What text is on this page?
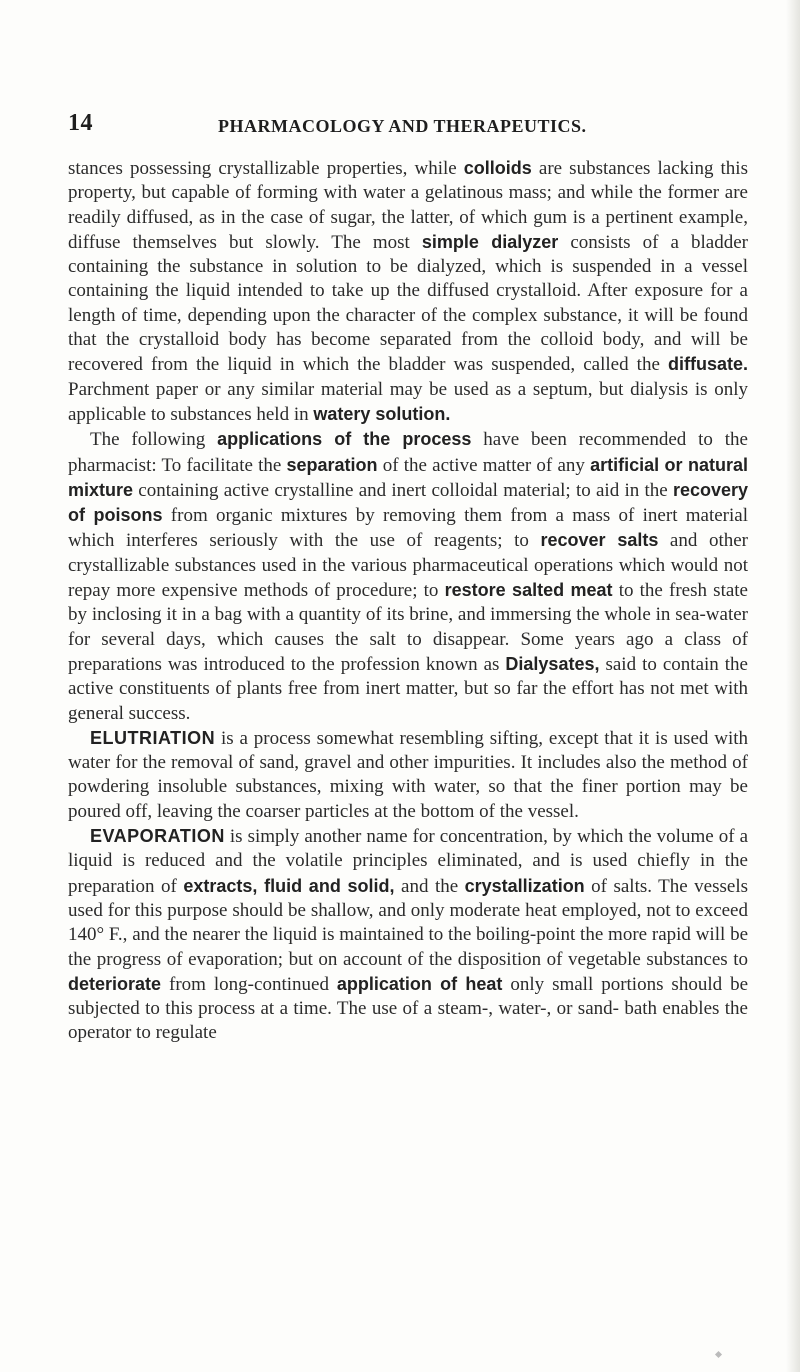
14	PHARMACOLOGY AND THERAPEUTICS.

stances possessing crystallizable properties, while colloids are substances lacking this property, but capable of forming with water a gelatinous mass; and while the former are readily diffused, as in the case of sugar, the latter, of which gum is a pertinent example, diffuse themselves but slowly. The most simple dialyzer consists of a bladder containing the substance in solution to be dialyzed, which is suspended in a vessel containing the liquid intended to take up the diffused crystalloid. After exposure for a length of time, depending upon the character of the complex substance, it will be found that the crystalloid body has become separated from the colloid body, and will be recovered from the liquid in which the bladder was suspended, called the diffusate. Parchment paper or any similar material may be used as a septum, but dialysis is only applicable to substances held in watery solution.

The following applications of the process have been recommended to the pharmacist: To facilitate the separation of the active matter of any artificial or natural mixture containing active crystalline and inert colloidal material; to aid in the recovery of poisons from organic mixtures by removing them from a mass of inert material which interferes seriously with the use of reagents; to recover salts and other crystallizable substances used in the various pharmaceutical operations which would not repay more expensive methods of procedure; to restore salted meat to the fresh state by inclosing it in a bag with a quantity of its brine, and immersing the whole in sea-water for several days, which causes the salt to disappear. Some years ago a class of preparations was introduced to the profession known as Dialysates, said to contain the active constituents of plants free from inert matter, but so far the effort has not met with general success.

ELUTRIATION is a process somewhat resembling sifting, except that it is used with water for the removal of sand, gravel and other impurities. It includes also the method of powdering insoluble substances, mixing with water, so that the finer portion may be poured off, leaving the coarser particles at the bottom of the vessel.

EVAPORATION is simply another name for concentration, by which the volume of a liquid is reduced and the volatile principles eliminated, and is used chiefly in the preparation of extracts, fluid and solid, and the crystallization of salts. The vessels used for this purpose should be shallow, and only moderate heat employed, not to exceed 140° F., and the nearer the liquid is maintained to the boiling-point the more rapid will be the progress of evaporation; but on account of the disposition of vegetable substances to deteriorate from long-continued application of heat only small portions should be subjected to this process at a time. The use of a steam-, water-, or sand- bath enables the operator to regulate
